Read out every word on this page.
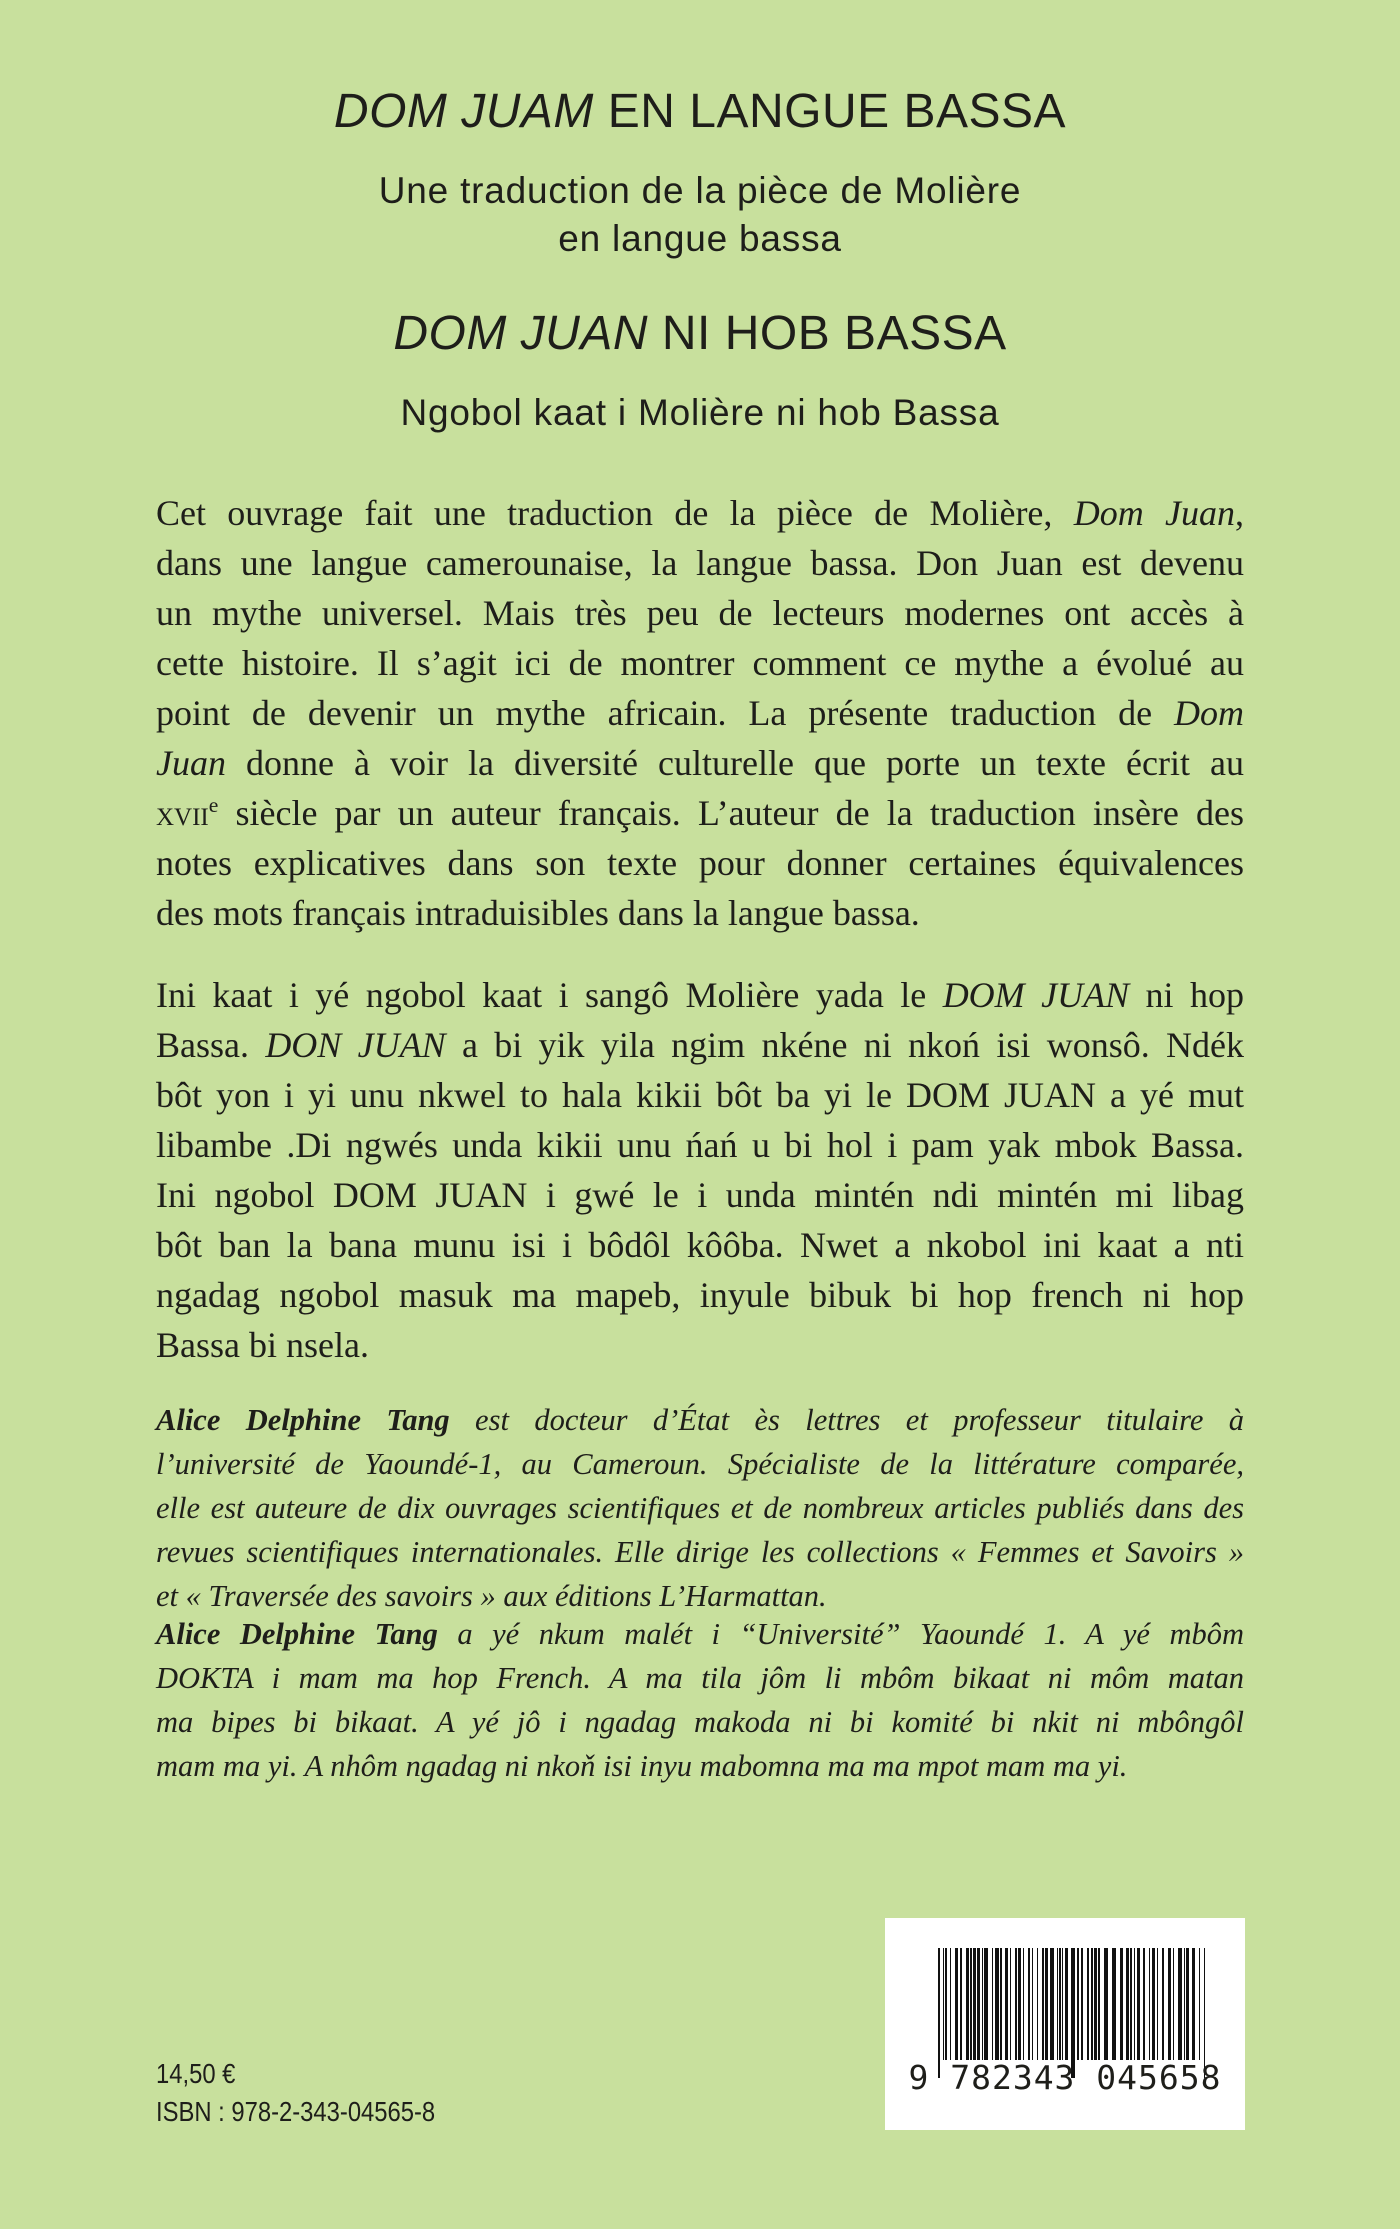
DOM JUAM EN LANGUE BASSA
Une traduction de la pièce de Molière
en langue bassa
DOM JUAN NI HOB BASSA
Ngobol kaat i Molière ni hob Bassa
Cet ouvrage fait une traduction de la pièce de Molière, Dom Juan,
dans une langue camerounaise, la langue bassa. Don Juan est devenu
un mythe universel. Mais très peu de lecteurs modernes ont accès à
cette histoire. Il s’agit ici de montrer comment ce mythe a évolué au
point de devenir un mythe africain. La présente traduction de Dom
Juan donne à voir la diversité culturelle que porte un texte écrit au
xvii$^e$ siècle par un auteur français. L’auteur de la traduction insère des
notes explicatives dans son texte pour donner certaines équivalences
des mots français intraduisibles dans la langue bassa.
Ini kaat i yé ngobol kaat i sangô Molière yada le DOM JUAN ni hop
Bassa. DON JUAN a bi yik yila ngim nkéne ni nkoń isi wonsô. Ndék
bôt yon i yi unu nkwel to hala kikii bôt ba yi le DOM JUAN a yé mut
libambe .Di ngwés unda kikii unu ńań u bi hol i pam yak mbok Bassa.
Ini ngobol DOM JUAN i gwé le i unda mintén ndi mintén mi libag
bôt ban la bana munu isi i bôdôl kôôba. Nwet a nkobol ini kaat a nti
ngadag ngobol masuk ma mapeb, inyule bibuk bi hop french ni hop
Bassa bi nsela.
Alice Delphine Tang est docteur d’État ès lettres et professeur titulaire à
l’université de Yaoundé-1, au Cameroun. Spécialiste de la littérature comparée,
elle est auteure de dix ouvrages scientifiques et de nombreux articles publiés dans des
revues scientifiques internationales. Elle dirige les collections « Femmes et Savoirs »
et « Traversée des savoirs » aux éditions L’Harmattan.
Alice Delphine Tang a yé nkum malét i “Université” Yaoundé 1. A yé mbôm
DOKTA i mam ma hop French. A ma tila jôm li mbôm bikaat ni môm matan
ma bipes bi bikaat. A yé jô i ngadag makoda ni bi komité bi nkit ni mbôngôl
mam ma yi. A nhôm ngadag ni nkoň isi inyu mabomna ma ma mpot mam ma yi.
14,50 €
ISBN : 978-2-343-04565-8
9 782343 045658
